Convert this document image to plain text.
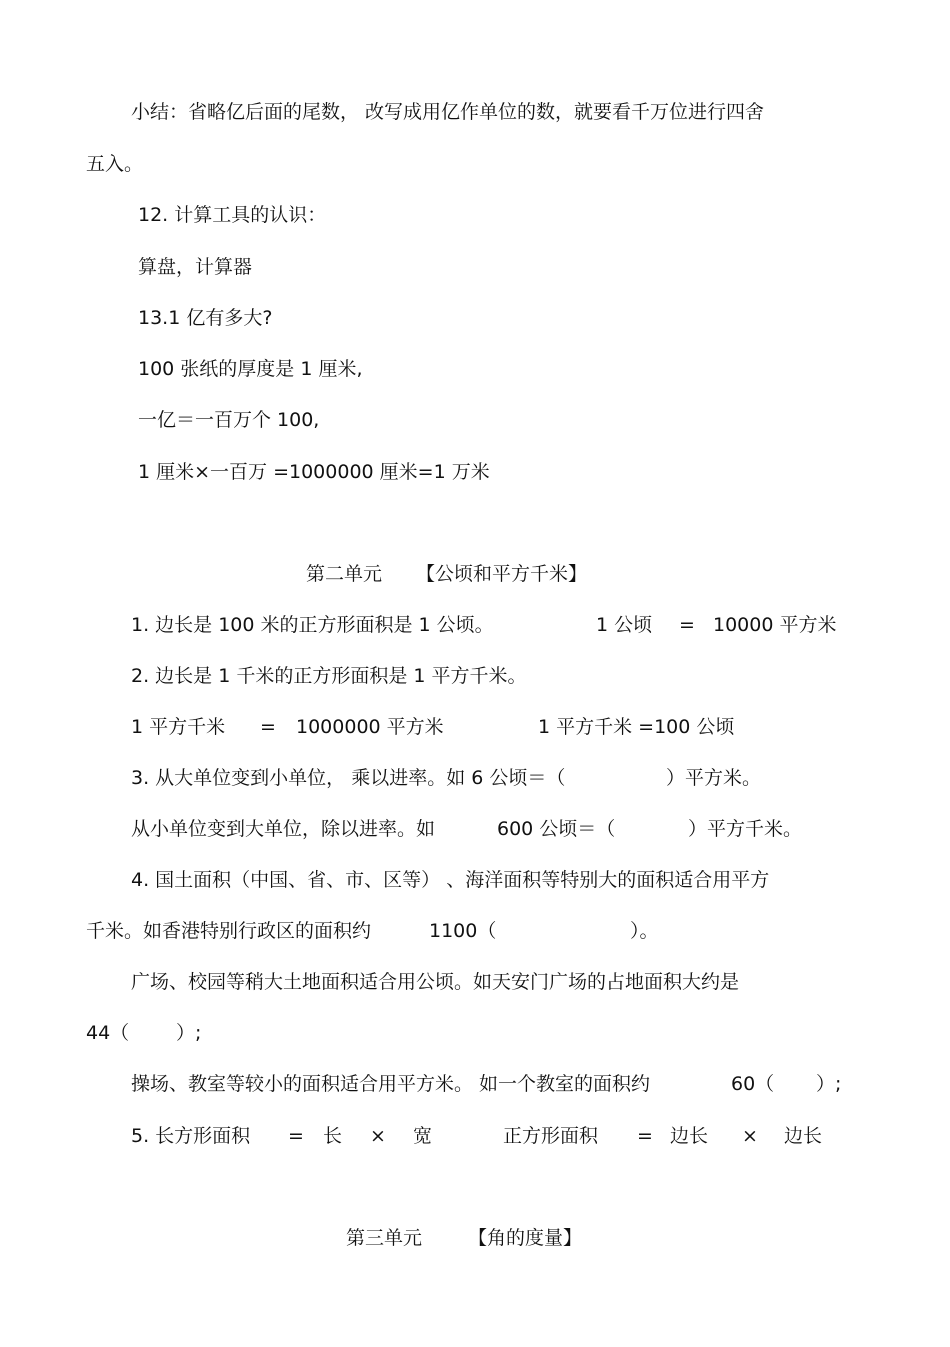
小结：省略亿后面的尾数， 改写成用亿作单位的数，就要看千万位进行四舍
五入。
12. 计算工具的认识：
算盘，计算器
13.1 亿有多大?
100 张纸的厚度是 1 厘米,
一亿＝一百万个 100,
1 厘米×一百万 =1000000 厘米=1 万米
第二单元 【公顷和平方千米】
1. 边长是 100 米的正方形面积是 1 公顷。	1 公顷 = 10000 平方米
2. 边长是 1 千米的正方形面积是 1 平方千米。
1 平方千米 = 1000000 平方米	1 平方千米 =100 公顷
3. 从大单位变到小单位， 乘以进率。如 6 公顷＝（	）平方米。
从小单位变到大单位，除以进率。如	600 公顷＝（	）平方千米。
4. 国土面积（中国、省、市、区等） 、海洋面积等特别大的面积适合用平方
千米。如香港特别行政区的面积约	1100（	）。
广场、校园等稍大土地面积适合用公顷。如天安门广场的占地面积大约是
44（ ）;
操场、教室等较小的面积适合用平方米。 如一个教室的面积约	60（ ）;
5. 长方形面积 = 长 × 宽	正方形面积 = 边长 × 边长
第三单元 【角的度量】
